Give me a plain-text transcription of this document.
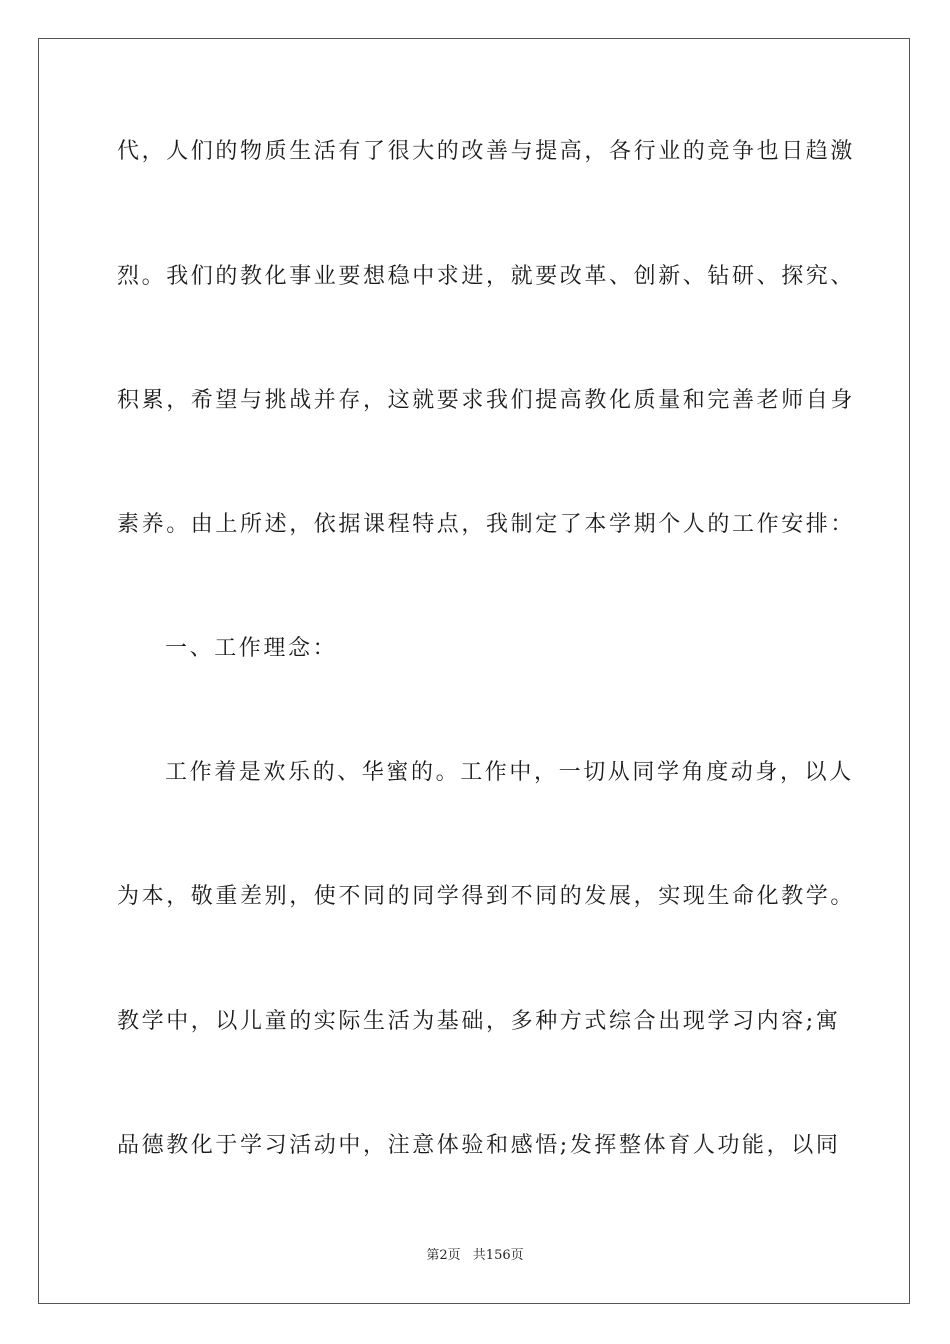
代，人们的物质生活有了很大的改善与提高，各行业的竞争也日趋激
烈。我们的教化事业要想稳中求进，就要改革、创新、钻研、探究、
积累，希望与挑战并存，这就要求我们提高教化质量和完善老师自身
素养。由上所述，依据课程特点，我制定了本学期个人的工作安排：
一、工作理念：
工作着是欢乐的、华蜜的。工作中，一切从同学角度动身，以人
为本，敬重差别，使不同的同学得到不同的发展，实现生命化教学。
教学中，以儿童的实际生活为基础，多种方式综合出现学习内容;寓
品德教化于学习活动中，注意体验和感悟;发挥整体育人功能，以同
第2页 共156页
